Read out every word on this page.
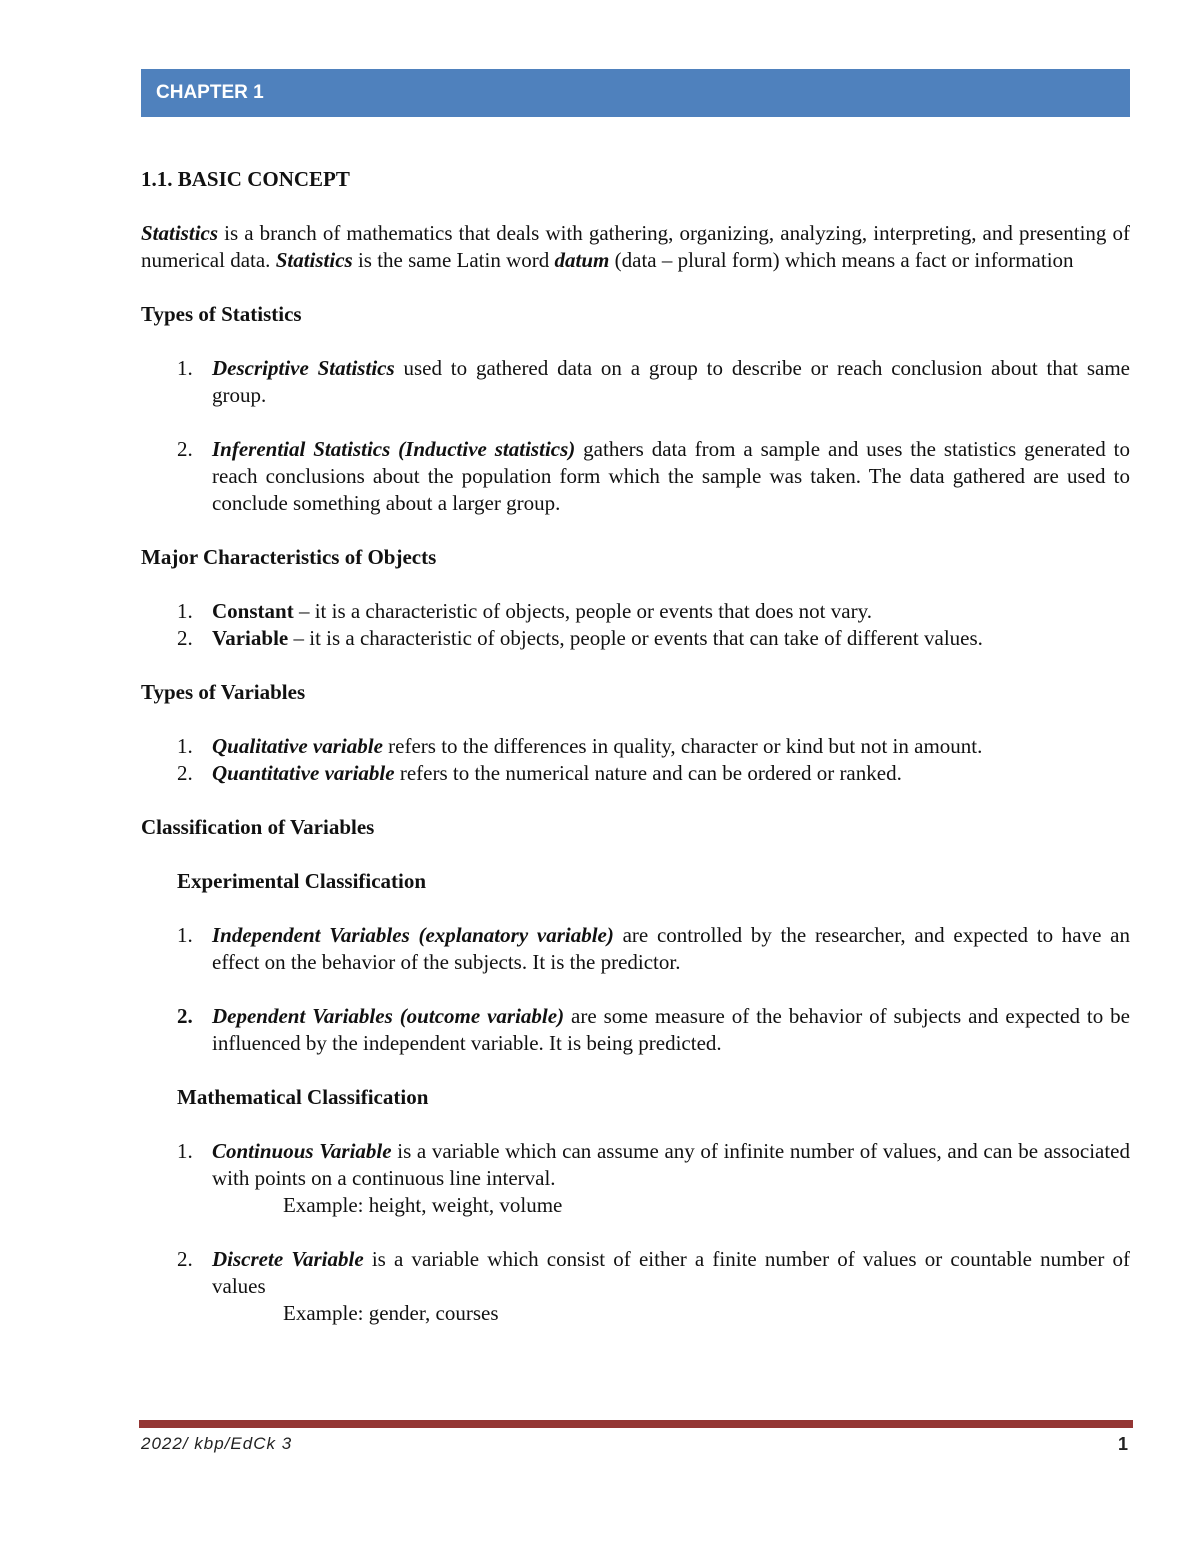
CHAPTER 1

1.1. BASIC CONCEPT

Statistics is a branch of mathematics that deals with gathering, organizing, analyzing, interpreting, and presenting of numerical data. Statistics is the same Latin word datum (data – plural form) which means a fact or information

Types of Statistics

1. Descriptive Statistics used to gathered data on a group to describe or reach conclusion about that same group.
2. Inferential Statistics (Inductive statistics) gathers data from a sample and uses the statistics generated to reach conclusions about the population form which the sample was taken. The data gathered are used to conclude something about a larger group.

Major Characteristics of Objects

1. Constant – it is a characteristic of objects, people or events that does not vary.
2. Variable – it is a characteristic of objects, people or events that can take of different values.

Types of Variables

1. Qualitative variable refers to the differences in quality, character or kind but not in amount.
2. Quantitative variable refers to the numerical nature and can be ordered or ranked.

Classification of Variables

Experimental Classification

1. Independent Variables (explanatory variable) are controlled by the researcher, and expected to have an effect on the behavior of the subjects. It is the predictor.
2. Dependent Variables (outcome variable) are some measure of the behavior of subjects and expected to be influenced by the independent variable. It is being predicted.

Mathematical Classification

1. Continuous Variable is a variable which can assume any of infinite number of values, and can be associated with points on a continuous line interval.

Example: height, weight, volume

2. Discrete Variable is a variable which consist of either a finite number of values or countable number of values

Example: gender, courses

2022/ kbp/EdCk 3	1
